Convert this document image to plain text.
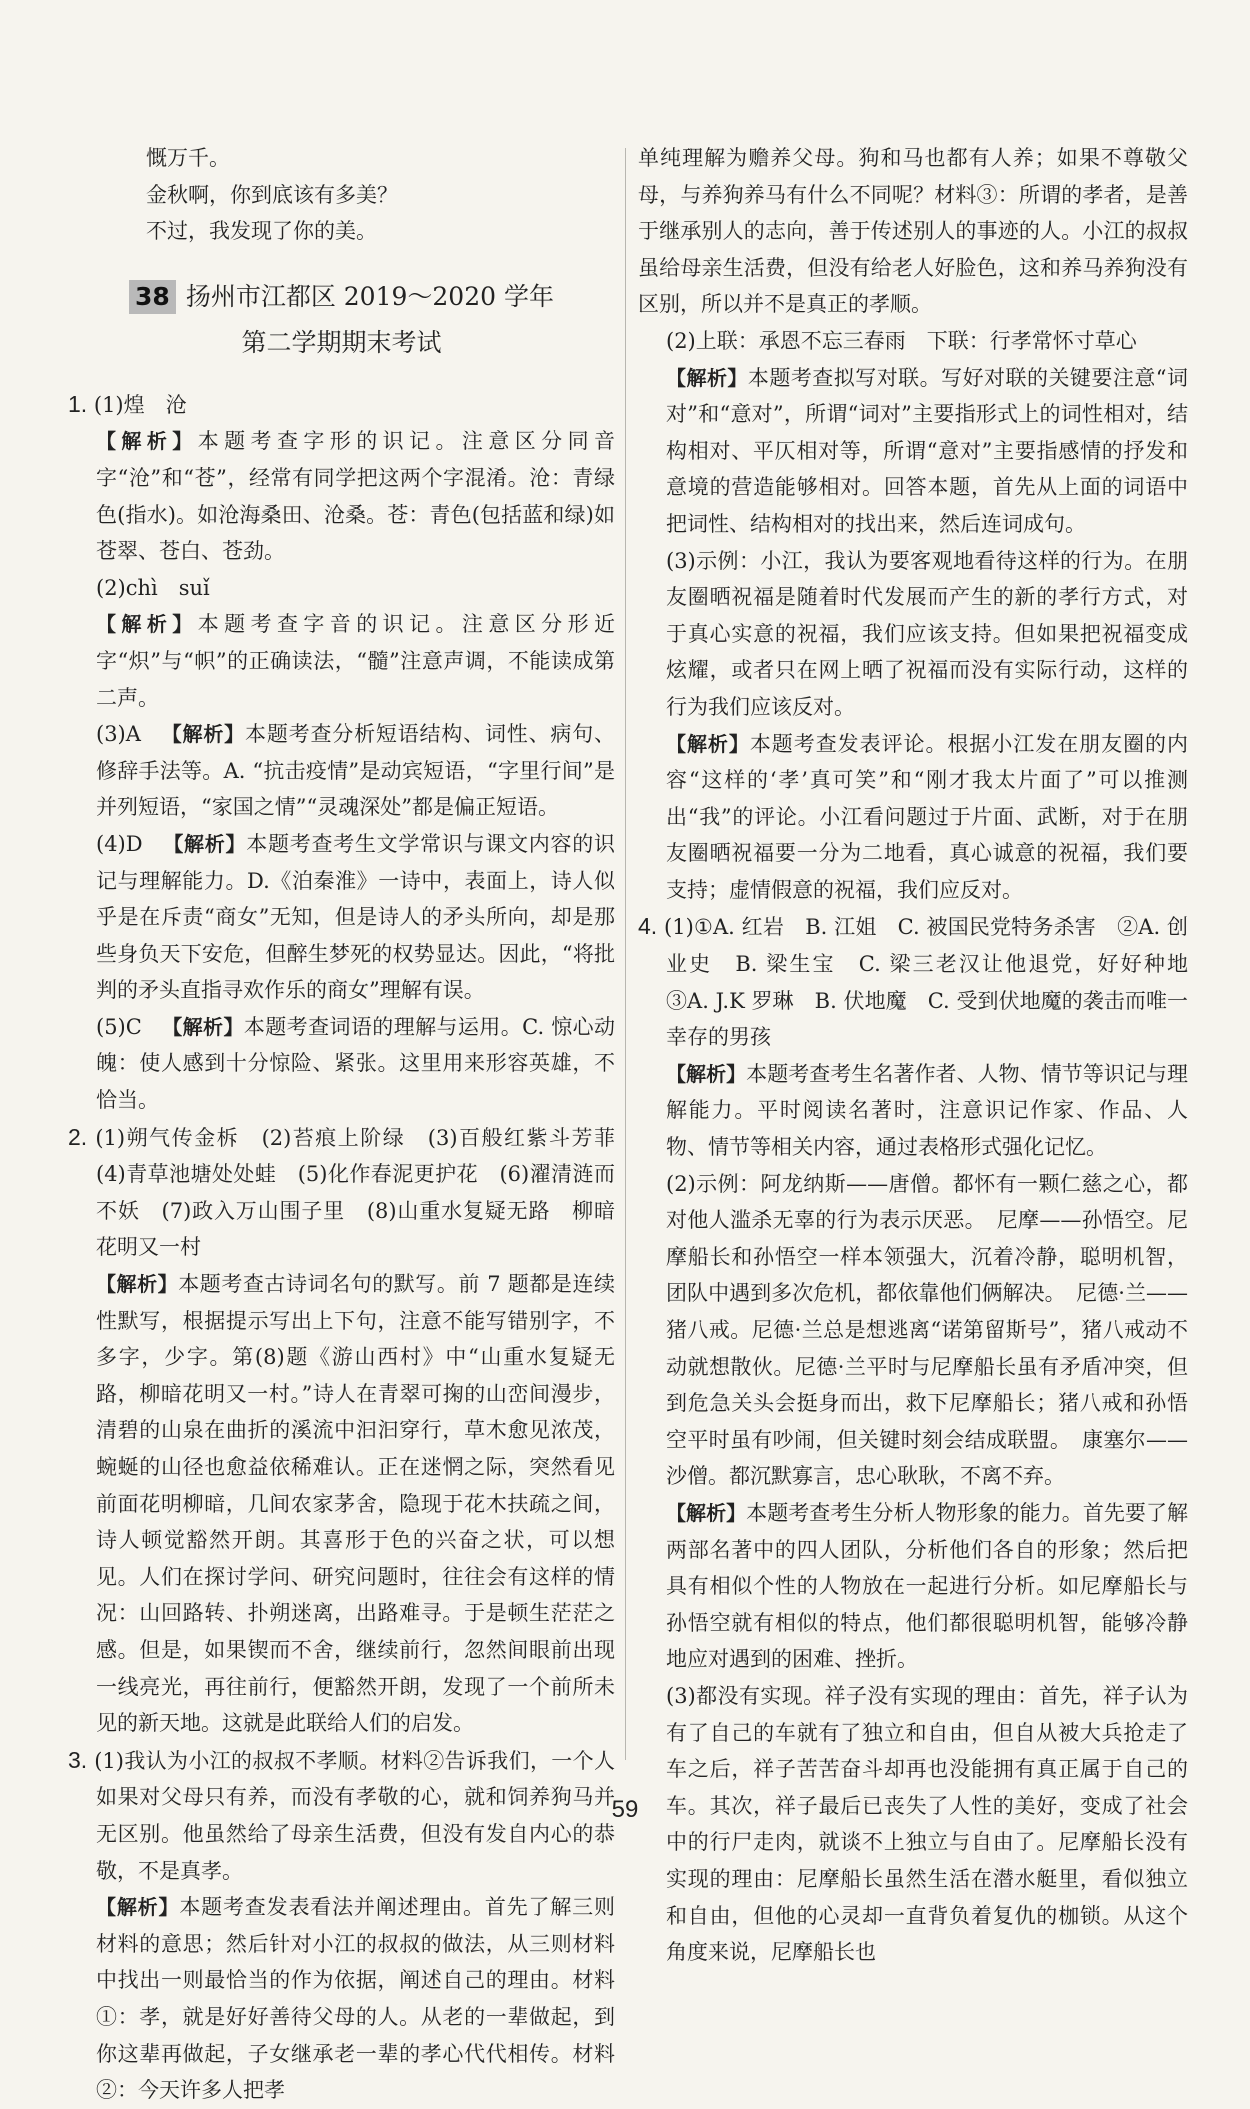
慨万千。

金秋啊，你到底该有多美？

不过，我发现了你的美。

38 扬州市江都区 2019～2020 学年
第二学期期末考试

1. (1)煌　沧

【解析】本题考查字形的识记。注意区分同音字“沧”和“苍”，经常有同学把这两个字混淆。沧：青绿色(指水)。如沧海桑田、沧桑。苍：青色(包括蓝和绿)如苍翠、苍白、苍劲。

(2)chì　suǐ

【解析】本题考查字音的识记。注意区分形近字“炽”与“帜”的正确读法，“髓”注意声调，不能读成第二声。

(3)A 【解析】本题考查分析短语结构、词性、病句、修辞手法等。A. “抗击疫情”是动宾短语，“字里行间”是并列短语，“家国之情”“灵魂深处”都是偏正短语。

(4)D 【解析】本题考查考生文学常识与课文内容的识记与理解能力。D.《泊秦淮》一诗中，表面上，诗人似乎是在斥责“商女”无知，但是诗人的矛头所向，却是那些身负天下安危，但醉生梦死的权势显达。因此，“将批判的矛头直指寻欢作乐的商女”理解有误。

(5)C 【解析】本题考查词语的理解与运用。C. 惊心动魄：使人感到十分惊险、紧张。这里用来形容英雄，不恰当。

2. (1)朔气传金柝　(2)苔痕上阶绿　(3)百般红紫斗芳菲　(4)青草池塘处处蛙　(5)化作春泥更护花　(6)濯清涟而不妖　(7)政入万山围子里　(8)山重水复疑无路　柳暗花明又一村

【解析】本题考查古诗词名句的默写。前 7 题都是连续性默写，根据提示写出上下句，注意不能写错别字，不多字，少字。第(8)题《游山西村》中“山重水复疑无路，柳暗花明又一村。”诗人在青翠可掬的山峦间漫步，清碧的山泉在曲折的溪流中汩汩穿行，草木愈见浓茂，蜿蜒的山径也愈益依稀难认。正在迷惘之际，突然看见前面花明柳暗，几间农家茅舍，隐现于花木扶疏之间，诗人顿觉豁然开朗。其喜形于色的兴奋之状，可以想见。人们在探讨学问、研究问题时，往往会有这样的情况：山回路转、扑朔迷离，出路难寻。于是顿生茫茫之感。但是，如果锲而不舍，继续前行，忽然间眼前出现一线亮光，再往前行，便豁然开朗，发现了一个前所未见的新天地。这就是此联给人们的启发。

3. (1)我认为小江的叔叔不孝顺。材料②告诉我们，一个人如果对父母只有养，而没有孝敬的心，就和饲养狗马并无区别。他虽然给了母亲生活费，但没有发自内心的恭敬，不是真孝。

【解析】本题考查发表看法并阐述理由。首先了解三则材料的意思；然后针对小江的叔叔的做法，从三则材料中找出一则最恰当的作为依据，阐述自己的理由。材料①：孝，就是好好善待父母的人。从老的一辈做起，到你这辈再做起，子女继承老一辈的孝心代代相传。材料②：今天许多人把孝

单纯理解为赡养父母。狗和马也都有人养；如果不尊敬父母，与养狗养马有什么不同呢？材料③：所谓的孝者，是善于继承别人的志向，善于传述别人的事迹的人。小江的叔叔虽给母亲生活费，但没有给老人好脸色，这和养马养狗没有区别，所以并不是真正的孝顺。

(2)上联：承恩不忘三春雨　下联：行孝常怀寸草心

【解析】本题考查拟写对联。写好对联的关键要注意“词对”和“意对”，所谓“词对”主要指形式上的词性相对，结构相对、平仄相对等，所谓“意对”主要指感情的抒发和意境的营造能够相对。回答本题，首先从上面的词语中把词性、结构相对的找出来，然后连词成句。

(3)示例：小江，我认为要客观地看待这样的行为。在朋友圈晒祝福是随着时代发展而产生的新的孝行方式，对于真心实意的祝福，我们应该支持。但如果把祝福变成炫耀，或者只在网上晒了祝福而没有实际行动，这样的行为我们应该反对。

【解析】本题考查发表评论。根据小江发在朋友圈的内容“这样的‘孝’真可笑”和“刚才我太片面了”可以推测出“我”的评论。小江看问题过于片面、武断，对于在朋友圈晒祝福要一分为二地看，真心诚意的祝福，我们要支持；虚情假意的祝福，我们应反对。

4. (1)①A. 红岩　B. 江姐　C. 被国民党特务杀害　②A. 创业史　B. 梁生宝　C. 梁三老汉让他退党，好好种地　③A. J.K 罗琳　B. 伏地魔　C. 受到伏地魔的袭击而唯一幸存的男孩

【解析】本题考查考生名著作者、人物、情节等识记与理解能力。平时阅读名著时，注意识记作家、作品、人物、情节等相关内容，通过表格形式强化记忆。

(2)示例：阿龙纳斯——唐僧。都怀有一颗仁慈之心，都对他人滥杀无辜的行为表示厌恶。　尼摩——孙悟空。尼摩船长和孙悟空一样本领强大，沉着冷静，聪明机智，团队中遇到多次危机，都依靠他们俩解决。　尼德·兰——猪八戒。尼德·兰总是想逃离“诺第留斯号”，猪八戒动不动就想散伙。尼德·兰平时与尼摩船长虽有矛盾冲突，但到危急关头会挺身而出，救下尼摩船长；猪八戒和孙悟空平时虽有吵闹，但关键时刻会结成联盟。　康塞尔——沙僧。都沉默寡言，忠心耿耿，不离不弃。

【解析】本题考查考生分析人物形象的能力。首先要了解两部名著中的四人团队，分析他们各自的形象；然后把具有相似个性的人物放在一起进行分析。如尼摩船长与孙悟空就有相似的特点，他们都很聪明机智，能够冷静地应对遇到的困难、挫折。

(3)都没有实现。祥子没有实现的理由：首先，祥子认为有了自己的车就有了独立和自由，但自从被大兵抢走了车之后，祥子苦苦奋斗却再也没能拥有真正属于自己的车。其次，祥子最后已丧失了人性的美好，变成了社会中的行尸走肉，就谈不上独立与自由了。尼摩船长没有实现的理由：尼摩船长虽然生活在潜水艇里，看似独立和自由，但他的心灵却一直背负着复仇的枷锁。从这个角度来说，尼摩船长也

59
